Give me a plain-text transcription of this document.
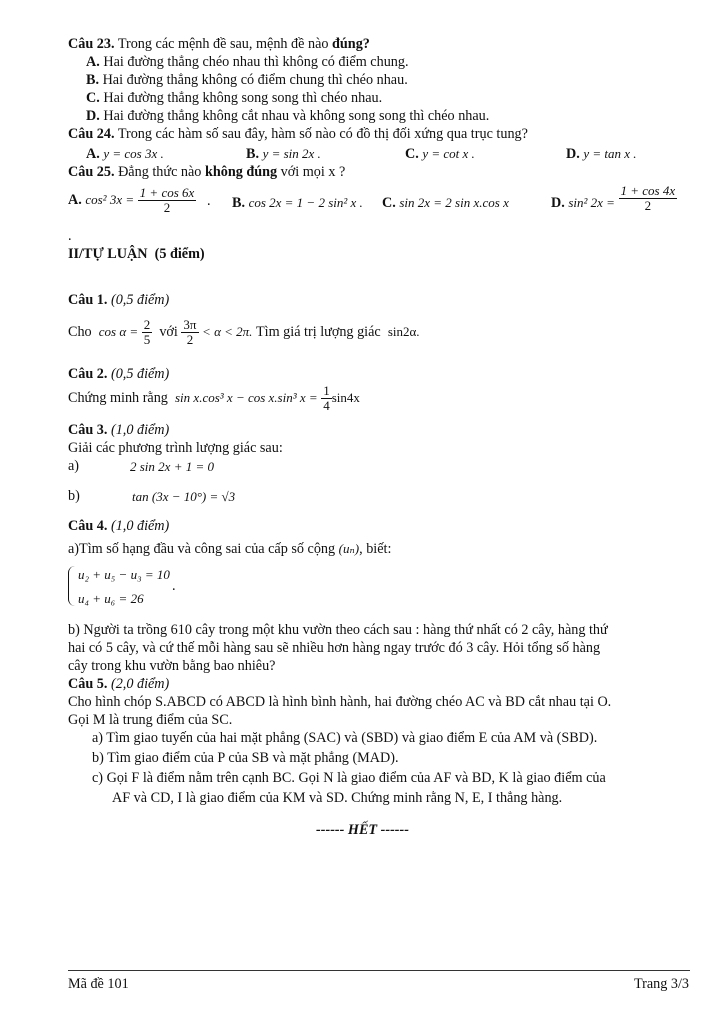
Câu 23. Trong các mệnh đề sau, mệnh đề nào đúng?
A. Hai đường thẳng chéo nhau thì không có điểm chung.
B. Hai đường thẳng không có điểm chung thì chéo nhau.
C. Hai đường thẳng không song song thì chéo nhau.
D. Hai đường thẳng không cắt nhau và không song song thì chéo nhau.
Câu 24. Trong các hàm số sau đây, hàm số nào có đồ thị đối xứng qua trục tung?
A. y = cos 3x .	B. y = sin 2x .	C. y = cot x .	D. y = tan x .
Câu 25. Đẳng thức nào không đúng với mọi x ?
A. cos² $3x = \frac{1 + \cos 6x}{2}$ . B. cos 2x = 1 − 2 sin² x . C. sin 2x = 2 sin x.cos x	D. sin² $2x = \frac{1 + \cos 4x}{2}$
.
II/TỰ LUẬN (5 điểm)
Câu 1. (0,5 điểm)
Cho $\cos \alpha = \frac{2}{5}$ với $\frac{3\pi}{2} < \alpha < 2\pi$. Tìm giá trị lượng giác sin2α.
Câu 2. (0,5 điểm)
Chứng minh rằng sin x.cos³ x − cos x.sin³ $x = \frac{1}{4} \sin 4x$
Câu 3. (1,0 điểm)
Giải các phương trình lượng giác sau:
a)	2 sin 2x + 1 = 0
b)	tan (3x − 10°) = √3
Câu 4. (1,0 điểm)
a)Tìm số hạng đầu và công sai của cấp số cộng (uₙ), biết:
u₂ + u₅ − u₃ = 10
u₄ + u₆ = 26
.
b) Người ta trồng 610 cây trong một khu vườn theo cách sau : hàng thứ nhất có 2 cây, hàng thứ
hai có 5 cây, và cứ thế mỗi hàng sau sẽ nhiều hơn hàng ngay trước đó 3 cây. Hỏi tổng số hàng
cây trong khu vườn bằng bao nhiêu?
Câu 5. (2,0 điểm)
Cho hình chóp S.ABCD có ABCD là hình bình hành, hai đường chéo AC và BD cắt nhau tại O.
Gọi M là trung điểm của SC.
a) Tìm giao tuyến của hai mặt phẳng (SAC) và (SBD) và giao điểm E của AM và (SBD).
b) Tìm giao điểm của P của SB và mặt phẳng (MAD).
c) Gọi F là điểm nằm trên cạnh BC. Gọi N là giao điểm của AF và BD, K là giao điểm của
AF và CD, I là giao điểm của KM và SD. Chứng minh rằng N, E, I thẳng hàng.
------ HẾT ------
Mã đề 101	Trang 3/3
